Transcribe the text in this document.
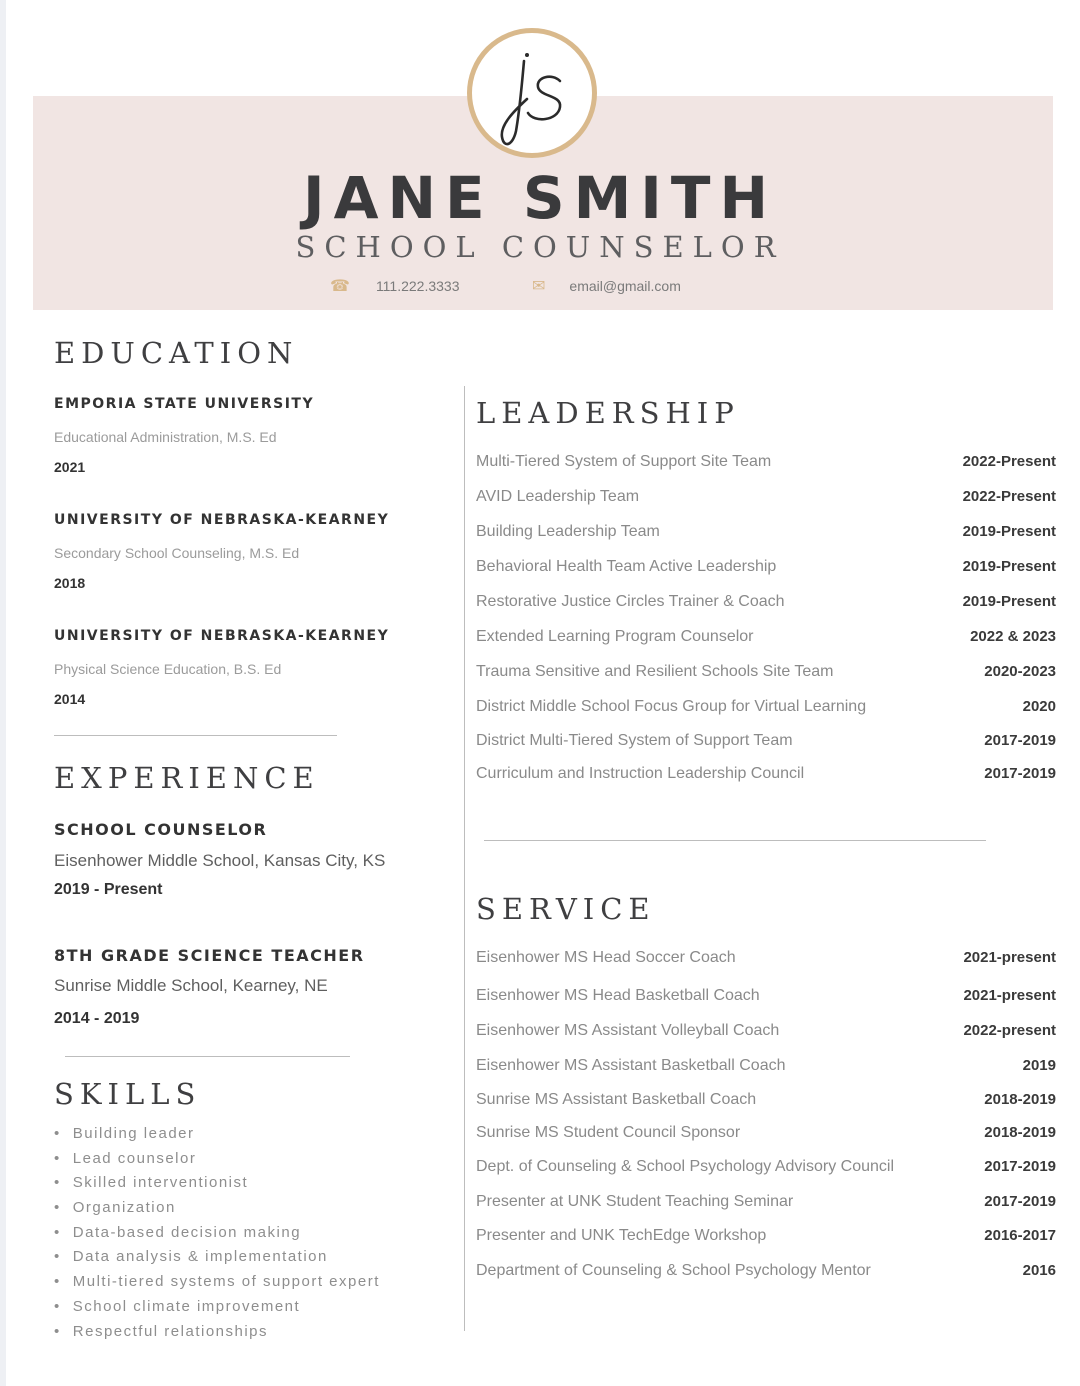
JANE SMITH
SCHOOL COUNSELOR
☎ 111.222.3333	✉ email@gmail.com
EDUCATION
EMPORIA STATE UNIVERSITY
Educational Administration, M.S. Ed
2021
UNIVERSITY OF NEBRASKA-KEARNEY
Secondary School Counseling, M.S. Ed
2018
UNIVERSITY OF NEBRASKA-KEARNEY
Physical Science Education, B.S. Ed
2014
EXPERIENCE
SCHOOL COUNSELOR
Eisenhower Middle School, Kansas City, KS
2019 - Present
8TH GRADE SCIENCE TEACHER
Sunrise Middle School, Kearney, NE
2014 - 2019
SKILLS
• Building leader
• Lead counselor
• Skilled interventionist
• Organization
• Data-based decision making
• Data analysis & implementation
• Multi-tiered systems of support expert
• School climate improvement
• Respectful relationships
LEADERSHIP
Multi-Tiered System of Support Site Team	2022-Present
AVID Leadership Team	2022-Present
Building Leadership Team	2019-Present
Behavioral Health Team Active Leadership	2019-Present
Restorative Justice Circles Trainer & Coach	2019-Present
Extended Learning Program Counselor	2022 & 2023
Trauma Sensitive and Resilient Schools Site Team	2020-2023
District Middle School Focus Group for Virtual Learning	2020
District Multi-Tiered System of Support Team	2017-2019
Curriculum and Instruction Leadership Council	2017-2019
SERVICE
Eisenhower MS Head Soccer Coach	2021-present
Eisenhower MS Head Basketball Coach	2021-present
Eisenhower MS Assistant Volleyball Coach	2022-present
Eisenhower MS Assistant Basketball Coach	2019
Sunrise MS Assistant Basketball Coach	2018-2019
Sunrise MS Student Council Sponsor	2018-2019
Dept. of Counseling & School Psychology Advisory Council	2017-2019
Presenter at UNK Student Teaching Seminar	2017-2019
Presenter and UNK TechEdge Workshop	2016-2017
Department of Counseling & School Psychology Mentor	2016
